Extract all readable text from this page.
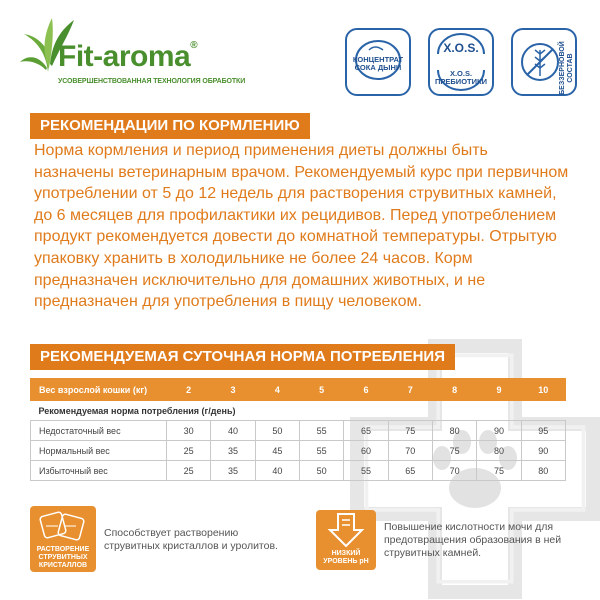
Fit-aroma®
УСОВЕРШЕНСТВОВАННАЯ ТЕХНОЛОГИЯ ОБРАБОТКИ
КОНЦЕНТРАТ
СОКА ДЫНИ
X.O.S.
X.O.S.
ПРЕБИОТИКИ	БЕЗЗЕРНОВОЙ СОСТАВ
РЕКОМЕНДАЦИИ ПО КОРМЛЕНИЮ
Норма кормления и период применения диеты должны быть назначены ветеринарным врачом. Рекомендуемый курс при первичном употреблении от 5 до 12 недель для растворения струвитных камней, до 6 месяцев для профилактики их рецидивов. Перед употреблением продукт рекомендуется довести до комнатной температуры. Отрытую упаковку хранить в холодильнике не более 24 часов. Корм предназначен исключительно для домашних животных, и не предназначен для употребления в пищу человеком.
РЕКОМЕНДУЕМАЯ СУТОЧНАЯ НОРМА ПОТРЕБЛЕНИЯ
Вес взрослой кошки (кг)	2	3	4	5	6	7	8	9	10
Рекомендуемая норма потребления (г/день)									
Недостаточный вес	30	40	50	55	65	75	80	90	95
Нормальный вес	25	35	45	55	60	70	75	80	90
Избыточный вес	25	35	40	50	55	65	70	75	80
РАСТВОРЕНИЕ
СТРУВИТНЫХ
КРИСТАЛЛОВ
Способствует растворению
струвитных кристаллов и уролитов.
НИЗКИЙ
УРОВЕНЬ pH
Повышение кислотности мочи для
предотвращения образования в ней
струвитных камней.
